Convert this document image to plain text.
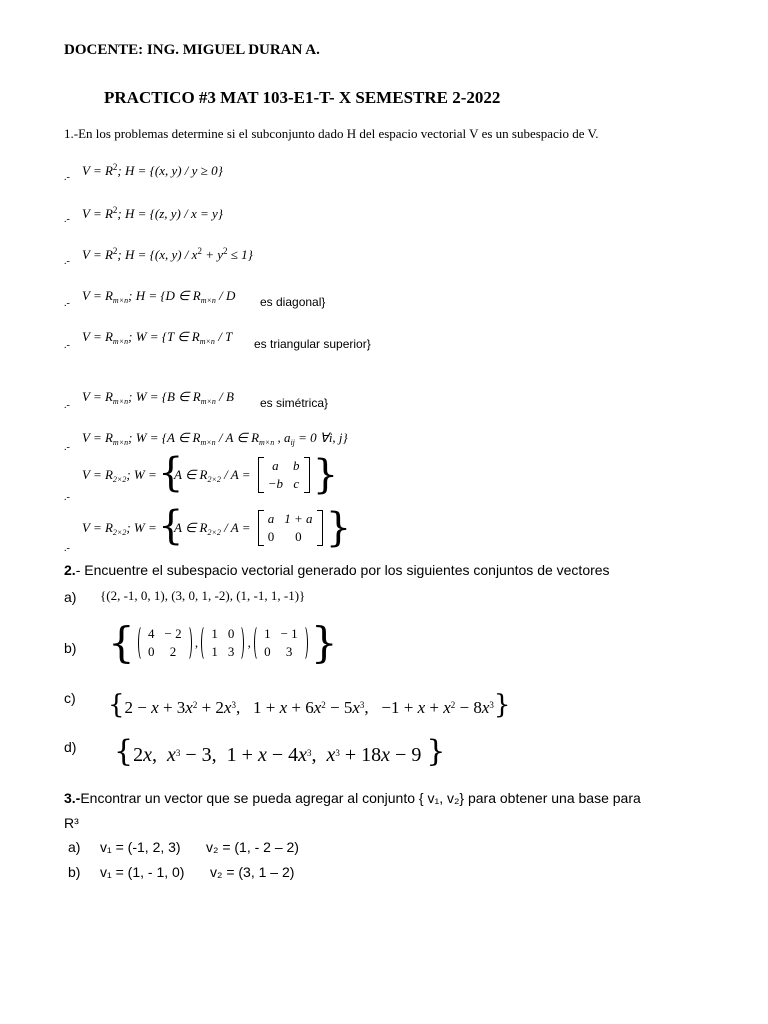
DOCENTE: ING. MIGUEL DURAN A.
PRACTICO #3 MAT 103-E1-T- X SEMESTRE 2-2022
1.-En los problemas determine si el subconjunto dado H del espacio vectorial V es un subespacio de V.
.- $V = R^2$; H = {(x, y) / y ≥ 0}
.- $V = R^2$; H = {(z, y) / x = y}
.- $V = R^2$; H = {(x, $y) / x^2 + y^2 \le 1$}
.-
$V = R_{m\times n}$; H = {D ∈ $R_{m\times n}$ / D es diagonal}
.-
$V = R_{m\times n}$; W = {T ∈ $R_{m\times n}$ / T es triangular superior}
.-
$V = R_{m\times n}$; W = {B ∈ $R_{m\times n}$ / B es simétrica}
.-
$V = R_{m\times n}$; W = {A ∈ $R_{m\times n}$ / A ∈ $R_{m\times n}$ , $a_{ij} = 0$ ∀i, j}
$V = R_{2\times 2}$; W = {
A ∈ $R_{2\times 2}$ / A =
a	b
−b c }
.-
$V = R_{2\times 2}$; W = {
A ∈ $R_{2\times 2}$ / A =
a 1 + a
0	0 }
.-
2.- Encuentre el subespacio vectorial generado por los siguientes conjuntos de vectores
a) {(2, -1, 0, 1), (3, 0, 1, -2), (1, -1, 1, -1)}
b) { 4 − 2
0	2
,
1 0
1 3
,
1 − 1
0	3 }
c) {$2 - x + 3x^2 + 2x^3$,   $1 + x + 6x^2 - 5x^3$,   $-1 + x + x^2 - 8x^3$}
d) {2x,  $x^3 - 3$,  $1 + x - 4x^3$,  $x^3 + 18x - 9$ }
3.-Encontrar un vector que se pueda agregar al conjunto { v₁, v₂} para obtener una base para
R³
a) v₁ = (-1, 2, 3) v₂ = (1, - 2 – 2)
b) v₁ = (1, - 1, 0) v₂ = (3, 1 – 2)
